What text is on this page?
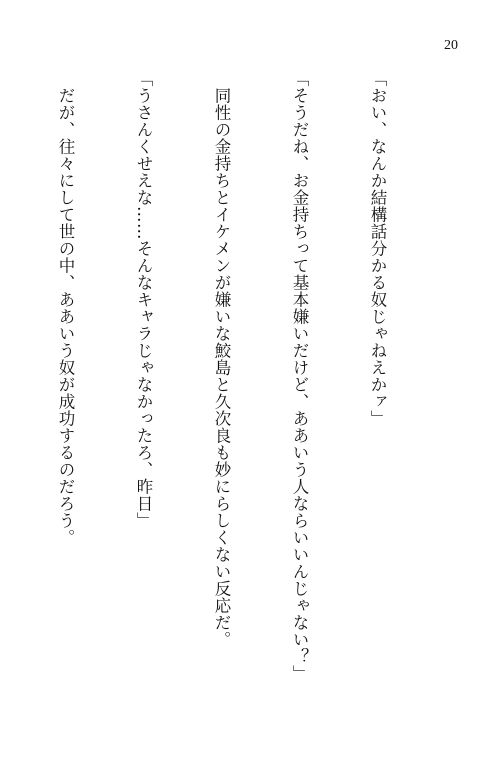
20

「おい、なんか結構話分かる奴じゃねえかァ」

「そうだね、お金持ちって基本嫌いだけど、ああいう人ならいいんじゃない？」

　同性の金持ちとイケメンが嫌いな鮫島と久次良も妙にらしくない反応だ。

「うさんくせえな……そんなキャラじゃなかったろ、昨日」

　だが、往々にして世の中、ああいう奴が成功するのだろう。
